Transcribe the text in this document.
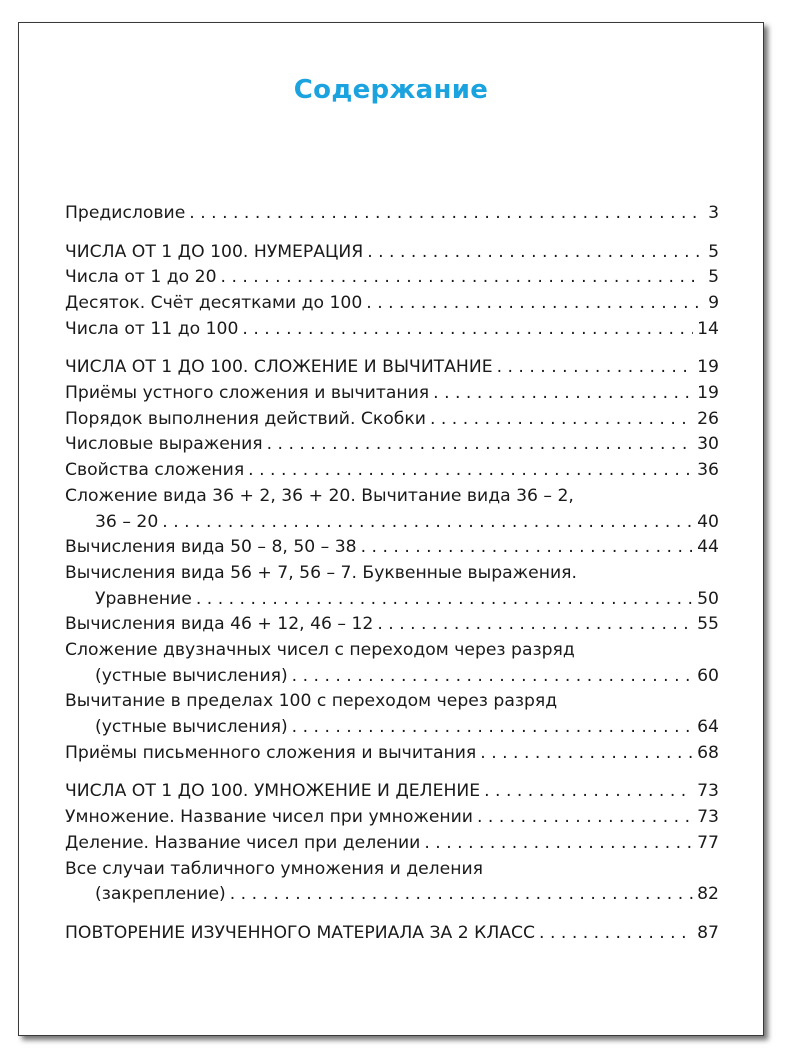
Содержание
Предисловие . . .	3
ЧИСЛА ОТ 1 ДО 100. НУМЕРАЦИЯ . . .	5
Числа от 1 до 20 . . .	5
Десяток. Счёт десятками до 100 . . .	9
Числа от 11 до 100 . . .	14
ЧИСЛА ОТ 1 ДО 100. СЛОЖЕНИЕ И ВЫЧИТАНИЕ . . .	19
Приёмы устного сложения и вычитания . . .	19
Порядок выполнения действий. Скобки . . .	26
Числовые выражения . . .	30
Свойства сложения . . .	36
Сложение вида 36 + 2, 36 + 20. Вычитание вида 36 – 2,
36 – 20 . . .	40
Вычисления вида 50 – 8, 50 – 38 . . .	44
Вычисления вида 56 + 7, 56 – 7. Буквенные выражения.
Уравнение . . .	50
Вычисления вида 46 + 12, 46 – 12 . . .	55
Сложение двузначных чисел с переходом через разряд
(устные вычисления) . . .	60
Вычитание в пределах 100 с переходом через разряд
(устные вычисления) . . .	64
Приёмы письменного сложения и вычитания . . .	68
ЧИСЛА ОТ 1 ДО 100. УМНОЖЕНИЕ И ДЕЛЕНИЕ . . .	73
Умножение. Название чисел при умножении . . .	73
Деление. Название чисел при делении . . .	77
Все случаи табличного умножения и деления
(закрепление) . . .	82
ПОВТОРЕНИЕ ИЗУЧЕННОГО МАТЕРИАЛА ЗА 2 КЛАСС . . .	87
